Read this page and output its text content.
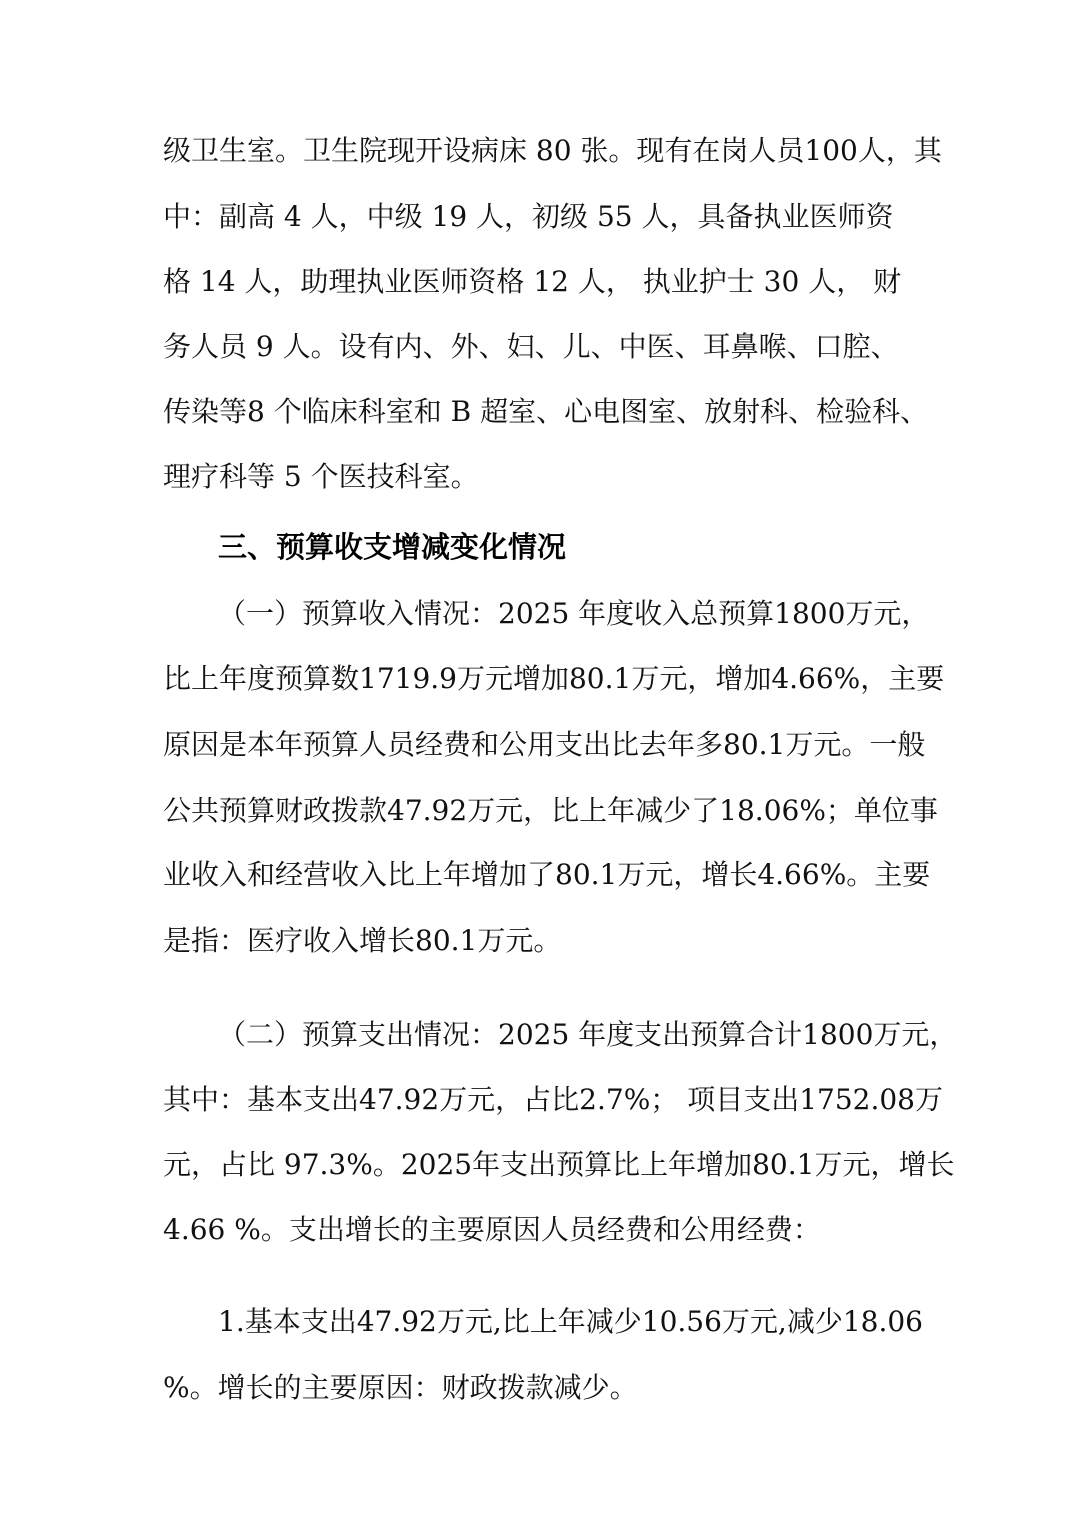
级卫生室。卫生院现开设病床 80 张。现有在岗人员100人，其
中：副高 4 人，中级 19 人，初级 55 人，具备执业医师资
格 14 人，助理执业医师资格 12 人， 执业护士 30 人， 财
务人员 9 人。设有内、外、妇、儿、中医、耳鼻喉、口腔、
传染等8 个临床科室和 B 超室、心电图室、放射科、检验科、
理疗科等 5 个医技科室。
三、预算收支增减变化情况
（一）预算收入情况：2025 年度收入总预算1800万元，
比上年度预算数1719.9万元增加80.1万元，增加4.66%，主要
原因是本年预算人员经费和公用支出比去年多80.1万元。一般
公共预算财政拨款47.92万元，比上年减少了18.06%；单位事
业收入和经营收入比上年增加了80.1万元，增长4.66%。主要
是指：医疗收入增长80.1万元。
（二）预算支出情况：2025 年度支出预算合计1800万元，
其中：基本支出47.92万元，占比2.7%； 项目支出1752.08万
元，占比 97.3%。2025年支出预算比上年增加80.1万元，增长
4.66 %。支出增长的主要原因人员经费和公用经费：
1.基本支出47.92万元,比上年减少10.56万元,减少18.06
%。增长的主要原因：财政拨款减少。
